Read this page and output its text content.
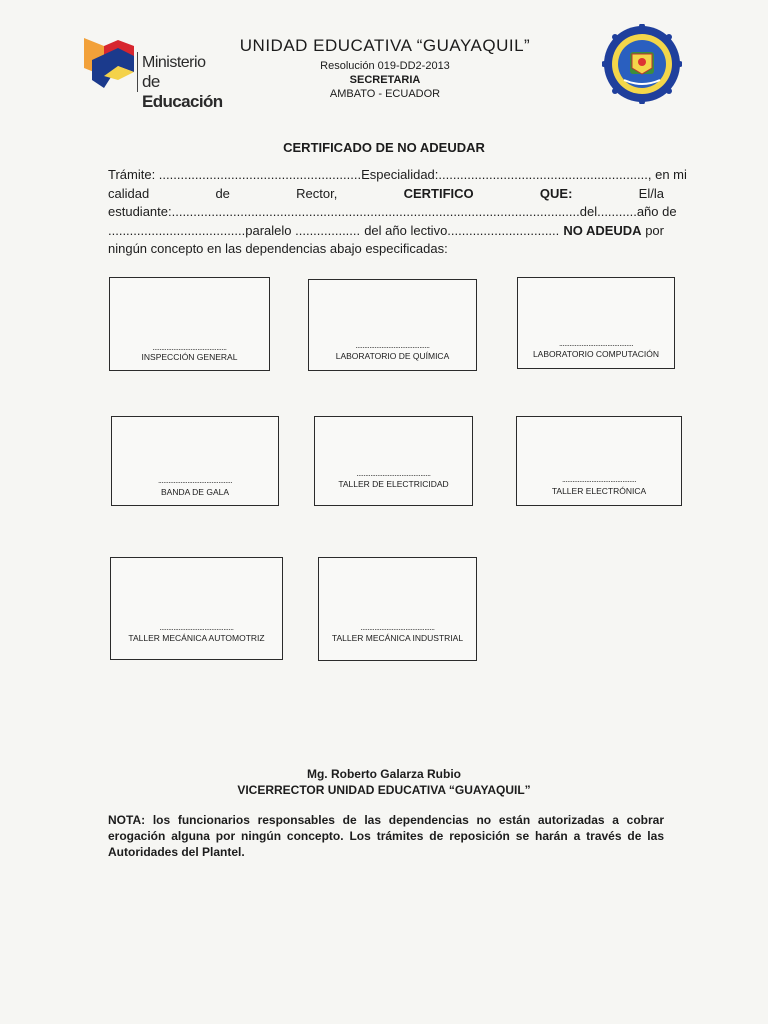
Ministerio
de Educación
UNIDAD EDUCATIVA “GUAYAQUIL”
Resolución 019-DD2-2013
SECRETARIA
AMBATO - ECUADOR
CERTIFICADO DE NO ADEUDAR
Trámite: ........................................................ Especialidad:.........................................................., en mi
calidad	de	Rector,	CERTIFICO	QUE:	El/la
estudiante:................................................................................................................. del...........año de
......................................paralelo .................. del año lectivo............................... NO ADEUDA por
ningún concepto en las dependencias abajo especificadas:
...........................................
INSPECCIÓN GENERAL
...........................................
LABORATORIO DE QUÍMICA
...........................................
LABORATORIO COMPUTACIÓN
...........................................
BANDA DE GALA
...........................................
TALLER DE ELECTRICIDAD	...........................................
TALLER ELECTRÓNICA
...........................................
TALLER MECÁNICA AUTOMOTRIZ
...........................................
TALLER MECÁNICA INDUSTRIAL
Mg. Roberto Galarza Rubio
VICERRECTOR UNIDAD EDUCATIVA “GUAYAQUIL”
NOTA: los funcionarios responsables de las dependencias no están autorizadas a cobrar erogación alguna por ningún concepto. Los trámites de reposición se harán a través de las Autoridades del Plantel.
